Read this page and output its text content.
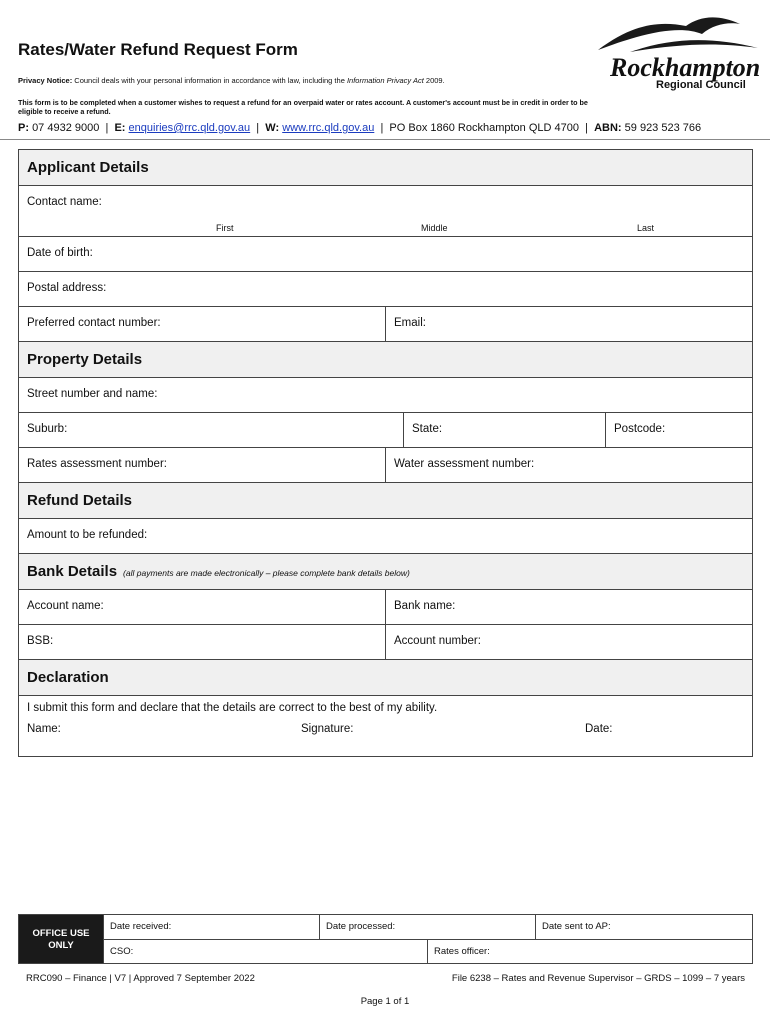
Rates/Water Refund Request Form
Privacy Notice: Council deals with your personal information in accordance with law, including the Information Privacy Act 2009.
This form is to be completed when a customer wishes to request a refund for an overpaid water or rates account. A customer's account must be in credit in order to be eligible to receive a refund.
P: 07 4932 9000 | E: enquiries@rrc.qld.gov.au | W: www.rrc.qld.gov.au | PO Box 1860 Rockhampton QLD 4700 | ABN: 59 923 523 766
Rockhampton
Regional Council
Applicant Details
Contact name:
First	Middle	Last
Date of birth:
Postal address:
Preferred contact number:	Email:
Property Details
Street number and name:
Suburb:	State:	Postcode:
Rates assessment number:	Water assessment number:
Refund Details
Amount to be refunded:
Bank Details (all payments are made electronically – please complete bank details below)
Account name:	Bank name:
BSB:	Account number:
Declaration
I submit this form and declare that the details are correct to the best of my ability.
Name:	Signature:	Date:
OFFICE USE ONLY
Date received:	Date processed:	Date sent to AP:
CSO:	Rates officer:
RRC090 – Finance | V7 | Approved 7 September 2022	File 6238 – Rates and Revenue Supervisor – GRDS – 1099 – 7 years
Page 1 of 1
